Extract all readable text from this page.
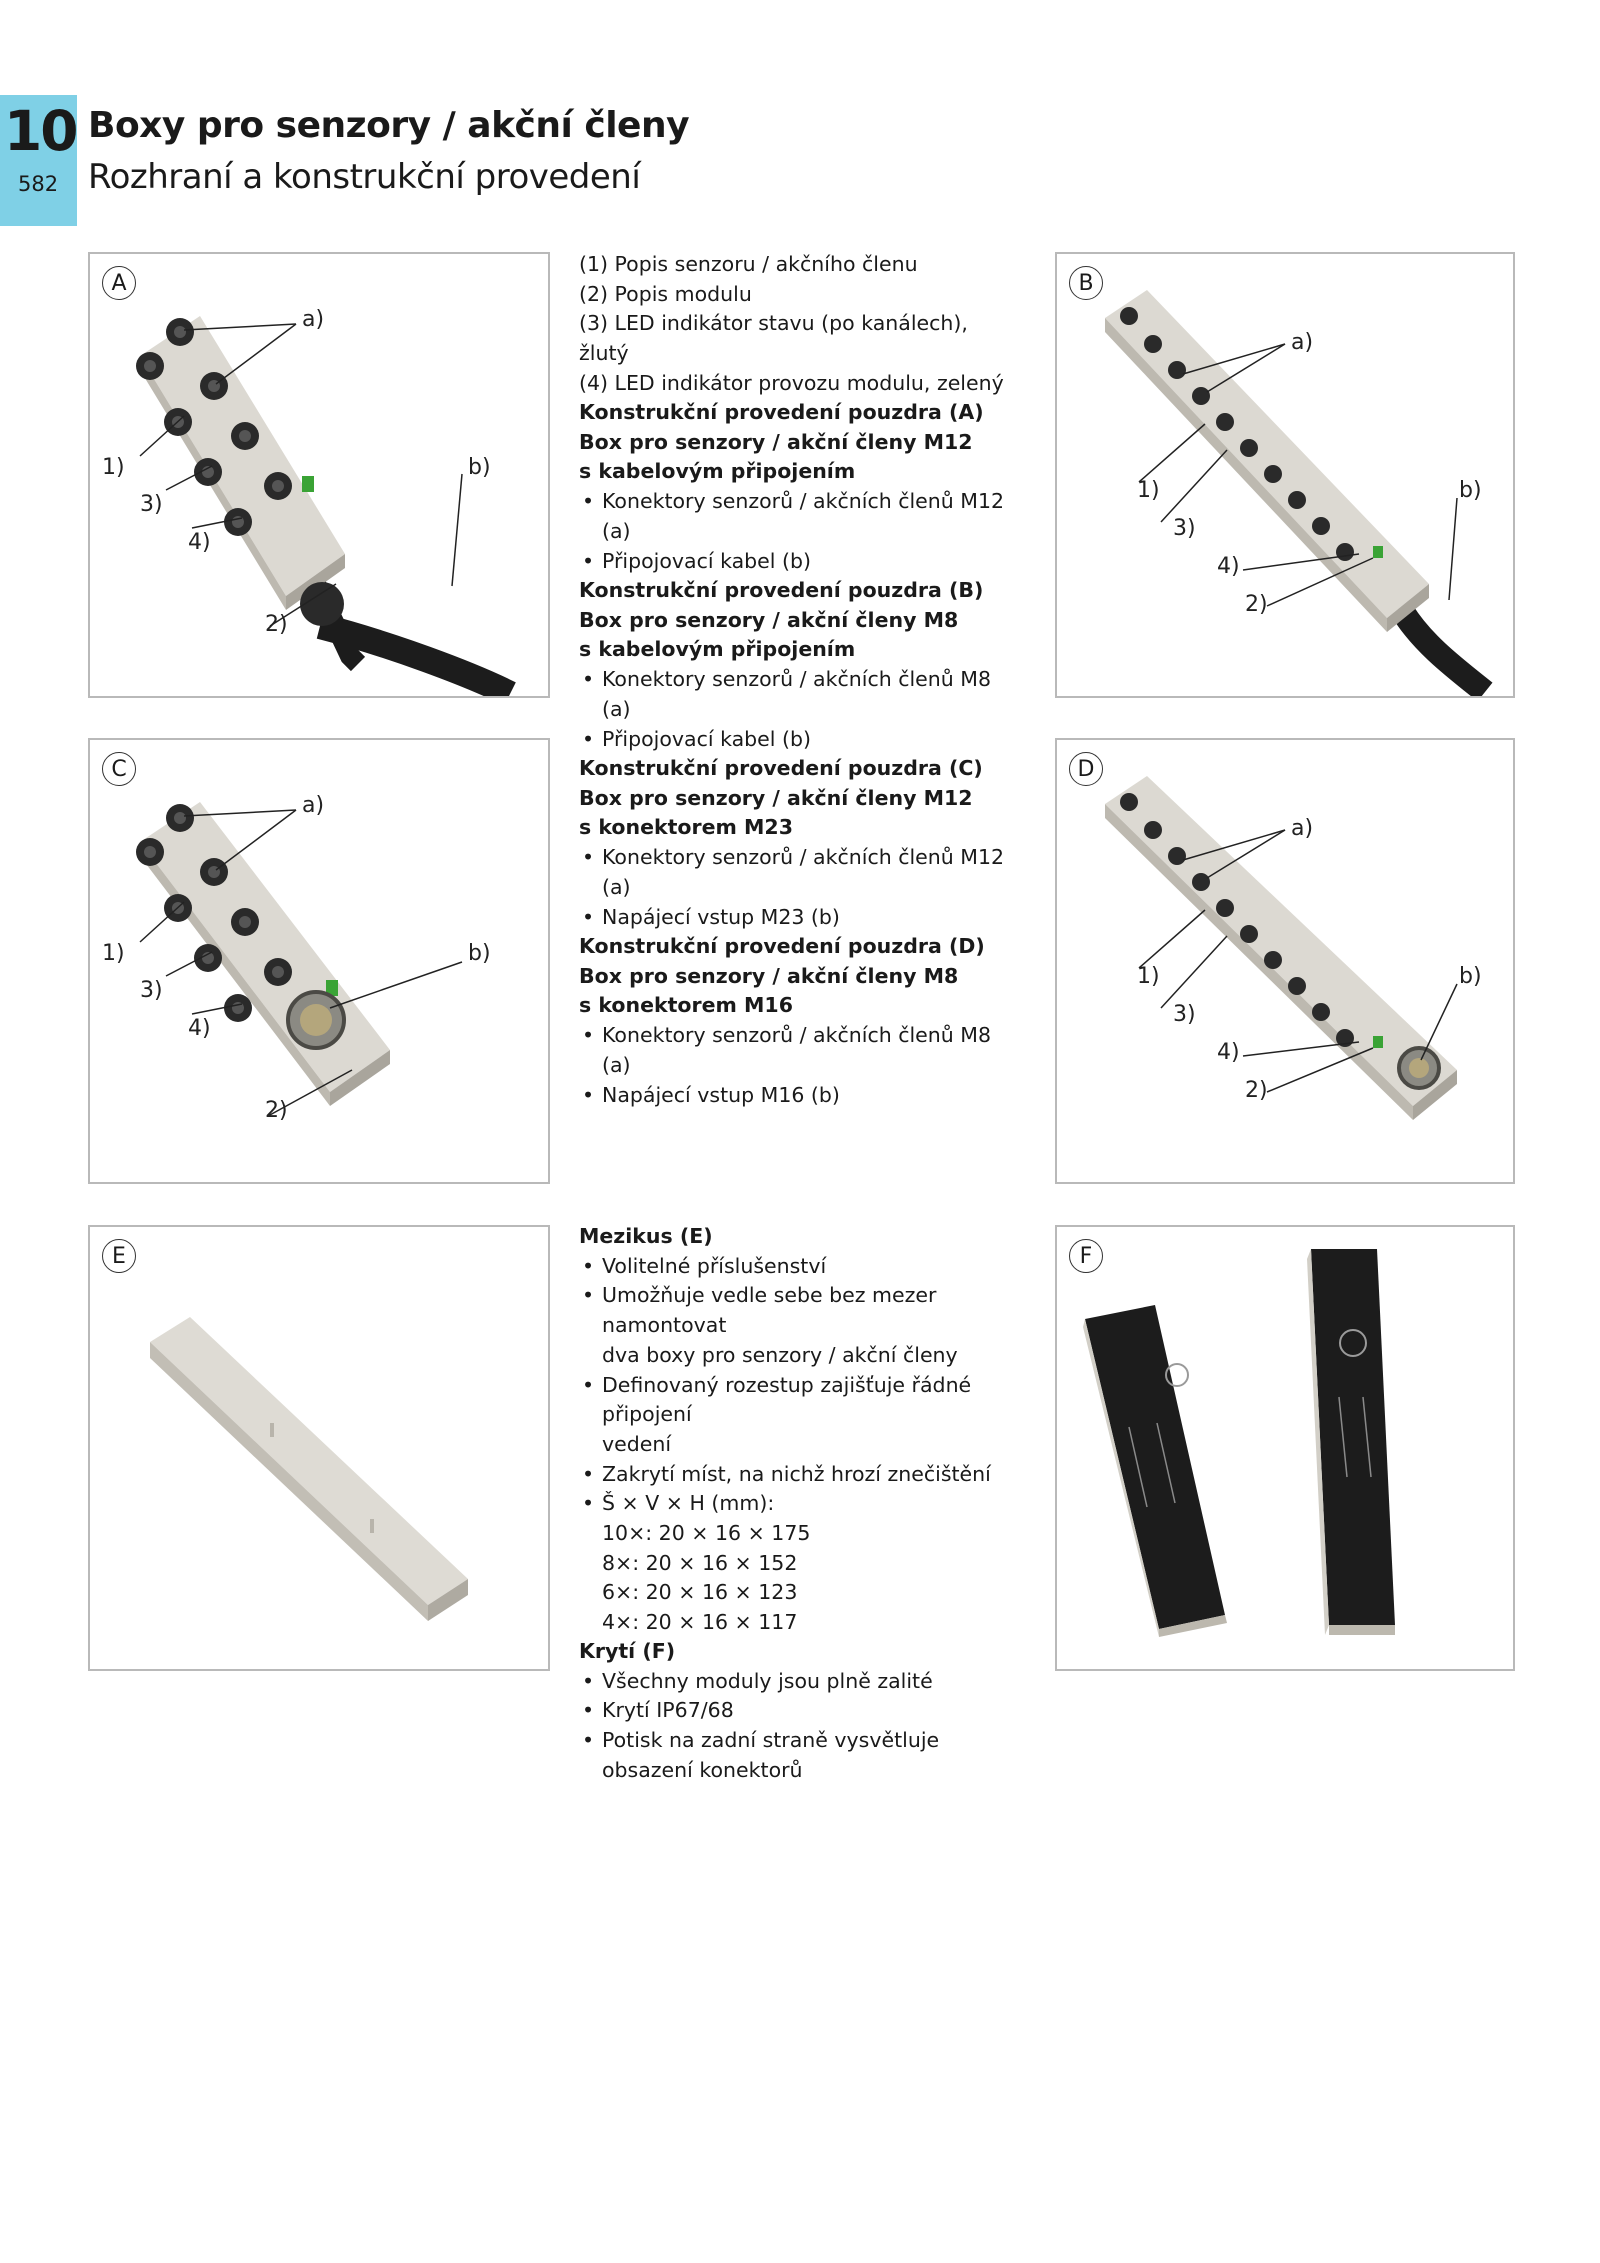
10
582
Boxy pro senzory / akční členy
Rozhraní a konstrukční provedení
A
a)
b)
1)
3)
4)
2)
B
a)
b)
1)
3)
4)
2)
C
a)
b)
1)
3)
4)
2)
D
a)
b)
1)
3)
4)
2)
E	F

(1) Popis senzoru / akčního členu

(2) Popis modulu

(3) LED indikátor stavu (po kanálech), žlutý

(4) LED indikátor provozu modulu, zelený

Konstrukční provedení pouzdra (A)

Box pro senzory / akční členy M12

s kabelovým připojením

• Konektory senzorů / akčních členů M12 (a)

• Připojovací kabel (b)

Konstrukční provedení pouzdra (B)

Box pro senzory / akční členy M8

s kabelovým připojením

• Konektory senzorů / akčních členů M8 (a)

• Připojovací kabel (b)

Konstrukční provedení pouzdra (C)

Box pro senzory / akční členy M12

s konektorem M23

• Konektory senzorů / akčních členů M12 (a)

• Napájecí vstup M23 (b)

Konstrukční provedení pouzdra (D)

Box pro senzory / akční členy M8

s konektorem M16

• Konektory senzorů / akčních členů M8 (a)

• Napájecí vstup M16 (b)

Mezikus (E)

• Volitelné příslušenství

• Umožňuje vedle sebe bez mezer namontovat

dva boxy pro senzory / akční členy

• Definovaný rozestup zajišťuje řádné připojení

vedení

• Zakrytí míst, na nichž hrozí znečištění

• Š × V × H (mm):

10×: 20 × 16 × 175

8×: 20 × 16 × 152

6×: 20 × 16 × 123

4×: 20 × 16 × 117

Krytí (F)

• Všechny moduly jsou plně zalité

• Krytí IP67/68

• Potisk na zadní straně vysvětluje

obsazení konektorů
